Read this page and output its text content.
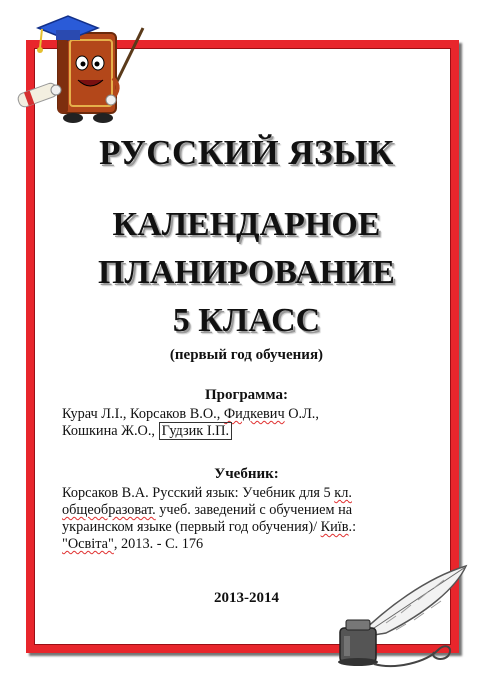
РУССКИЙ ЯЗЫК
КАЛЕНДАРНОЕ
ПЛАНИРОВАНИЕ
5 КЛАСС
(первый год обучения)
Программа:
Курач Л.І., Корсаков В.О., Фидкевич О.Л.,
Кошкина Ж.О., Гудзик І.П.
Учебник:
Корсаков В.А. Русский язык: Учебник для 5 кл.
общеобразоват. учеб. заведений с обучением на
украинском языке (первый год обучения)/ Київ.:
"Освіта", 2013. - С. 176
2013-2014
